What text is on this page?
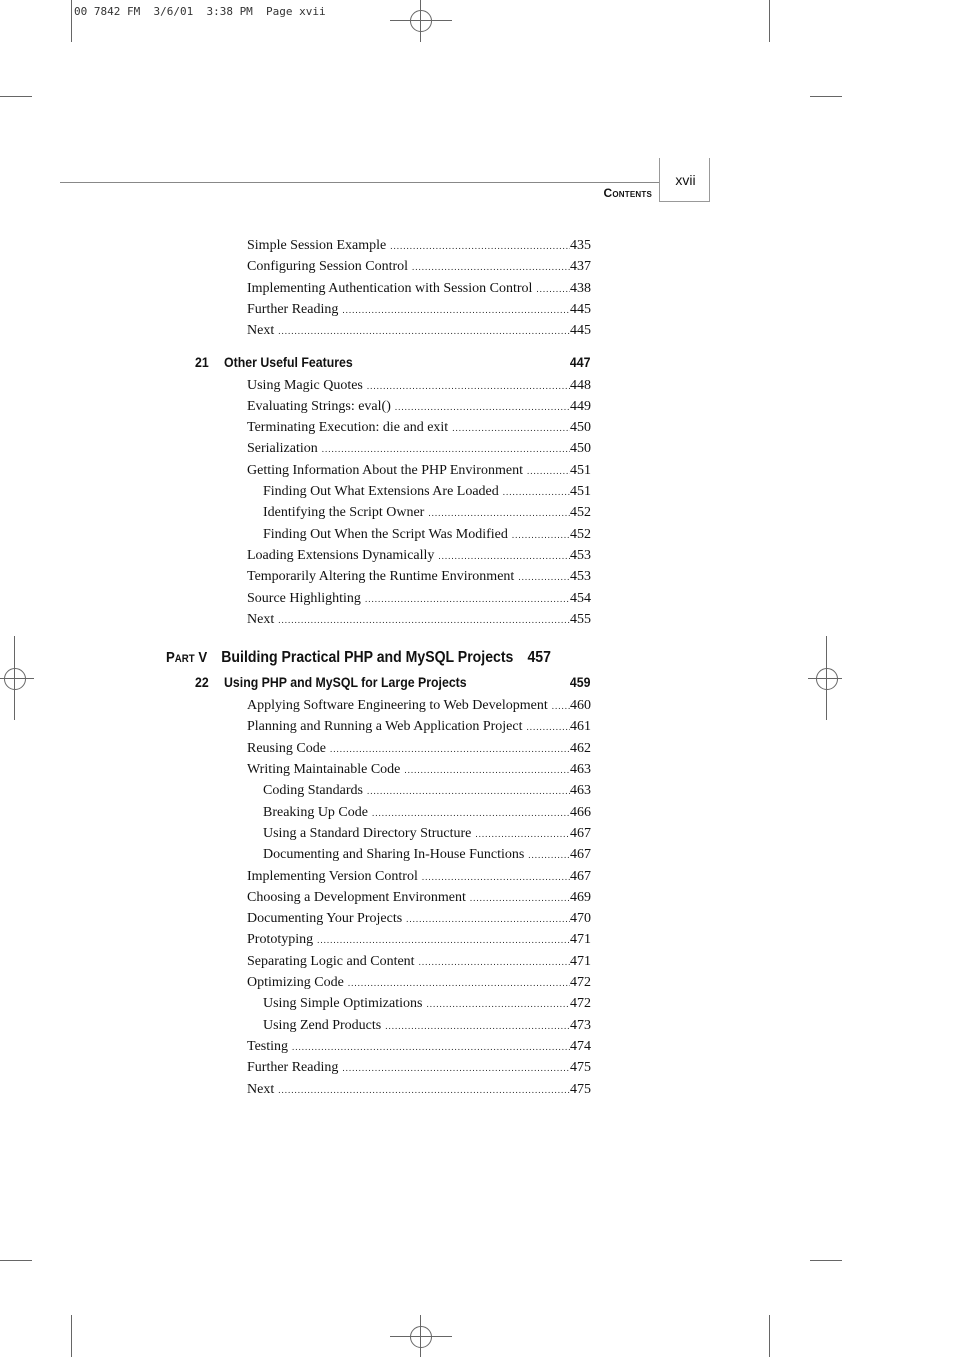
00 7842 FM  3/6/01  3:38 PM  Page xvii
xvii
Contents
Simple Session Example .....	435
Configuring Session Control .....	437
Implementing Authentication with Session Control .....	438
Further Reading .....	445
Next .....	445
21 Other Useful Features	447
Using Magic Quotes .....	448
Evaluating Strings: eval() .....	449
Terminating Execution: die and exit .....	450
Serialization .....	450
Getting Information About the PHP Environment .....	451
Finding Out What Extensions Are Loaded .....	451
Identifying the Script Owner .....	452
Finding Out When the Script Was Modified .....	452
Loading Extensions Dynamically .....	453
Temporarily Altering the Runtime Environment .....	453
Source Highlighting .....	454
Next .....	455
Part V Building Practical PHP and MySQL Projects 457
22 Using PHP and MySQL for Large Projects	459
Applying Software Engineering to Web Development ..... 460
Planning and Running a Web Application Project .....	461
Reusing Code .....	462
Writing Maintainable Code .....	463
Coding Standards .....	463
Breaking Up Code .....	466
Using a Standard Directory Structure .....	467
Documenting and Sharing In-House Functions .....	467
Implementing Version Control .....	467
Choosing a Development Environment .....	469
Documenting Your Projects .....	470
Prototyping .....	471
Separating Logic and Content .....	471
Optimizing Code .....	472
Using Simple Optimizations .....	472
Using Zend Products .....	473
Testing .....	474
Further Reading .....	475
Next .....	475
